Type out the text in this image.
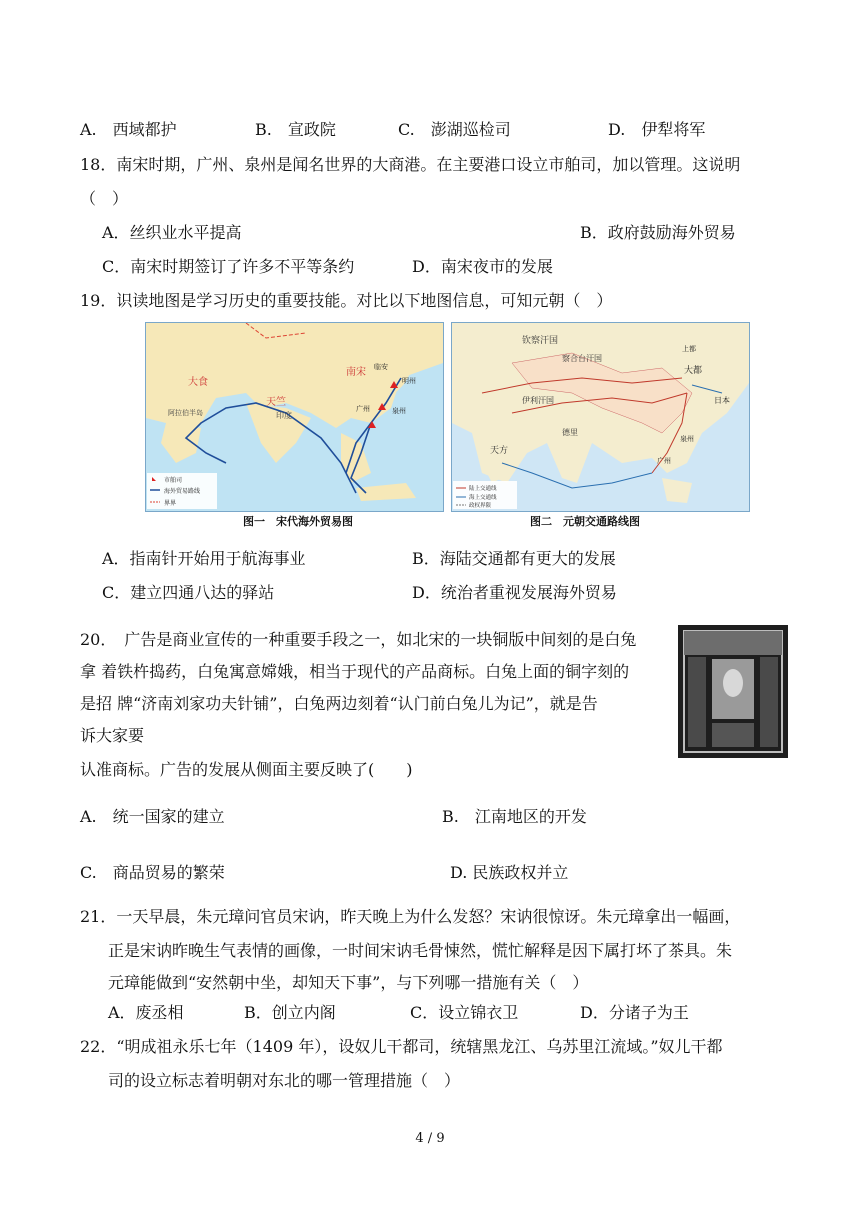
A.　西域都护	B.　宣政院	C.　澎湖巡检司	D.　伊犁将军
18．南宋时期，广州、泉州是闻名世界的大商港。在主要港口设立市舶司，加以管理。这说明
（　）
A．丝织业水平提高	B．政府鼓励海外贸易
C．南宋时期签订了许多不平等条约	D．南宋夜市的发展
19．识读地图是学习历史的重要技能。对比以下地图信息，可知元朝（　）
大食
天竺
印度
南宋 临安
明州
泉州
广州
阿拉伯半岛
市舶司
海外贸易路线
界界
钦察汗国
察合台汗国
伊利汗国
大都
上都
广州
泉州
日本
天方
德里
陆上交通线
海上交通线
政权界限
图一　宋代海外贸易图	图二　元朝交通路线图
A．指南针开始用于航海事业	B．海陆交通都有更大的发展
C．建立四通八达的驿站	D．统治者重视发展海外贸易
20．　广告是商业宣传的一种重要手段之一，如北宋的一块铜版中间刻的是白兔
拿 着铁杵捣药，白兔寓意嫦娥，相当于现代的产品商标。白兔上面的铜字刻的
是招 牌“济南刘家功夫针铺”，白兔两边刻着“认门前白兔儿为记”，就是告
诉大家要
认准商标。广告的发展从侧面主要反映了(　　)
A.　统一国家的建立	B.　江南地区的开发
C.　商品贸易的繁荣	D. 民族政权并立
21．一天早晨，朱元璋问官员宋讷，昨天晚上为什么发怒？宋讷很惊讶。朱元璋拿出一幅画，
正是宋讷昨晚生气表情的画像，一时间宋讷毛骨悚然，慌忙解释是因下属打坏了茶具。朱
元璋能做到“安然朝中坐，却知天下事”，与下列哪一措施有关（　）
A．废丞相	B．创立内阁	C．设立锦衣卫	D．分诸子为王
22．“明成祖永乐七年（1409 年），设奴儿干都司，统辖黑龙江、乌苏里江流域。”奴儿干都
司的设立标志着明朝对东北的哪一管理措施（　）
4 / 9
